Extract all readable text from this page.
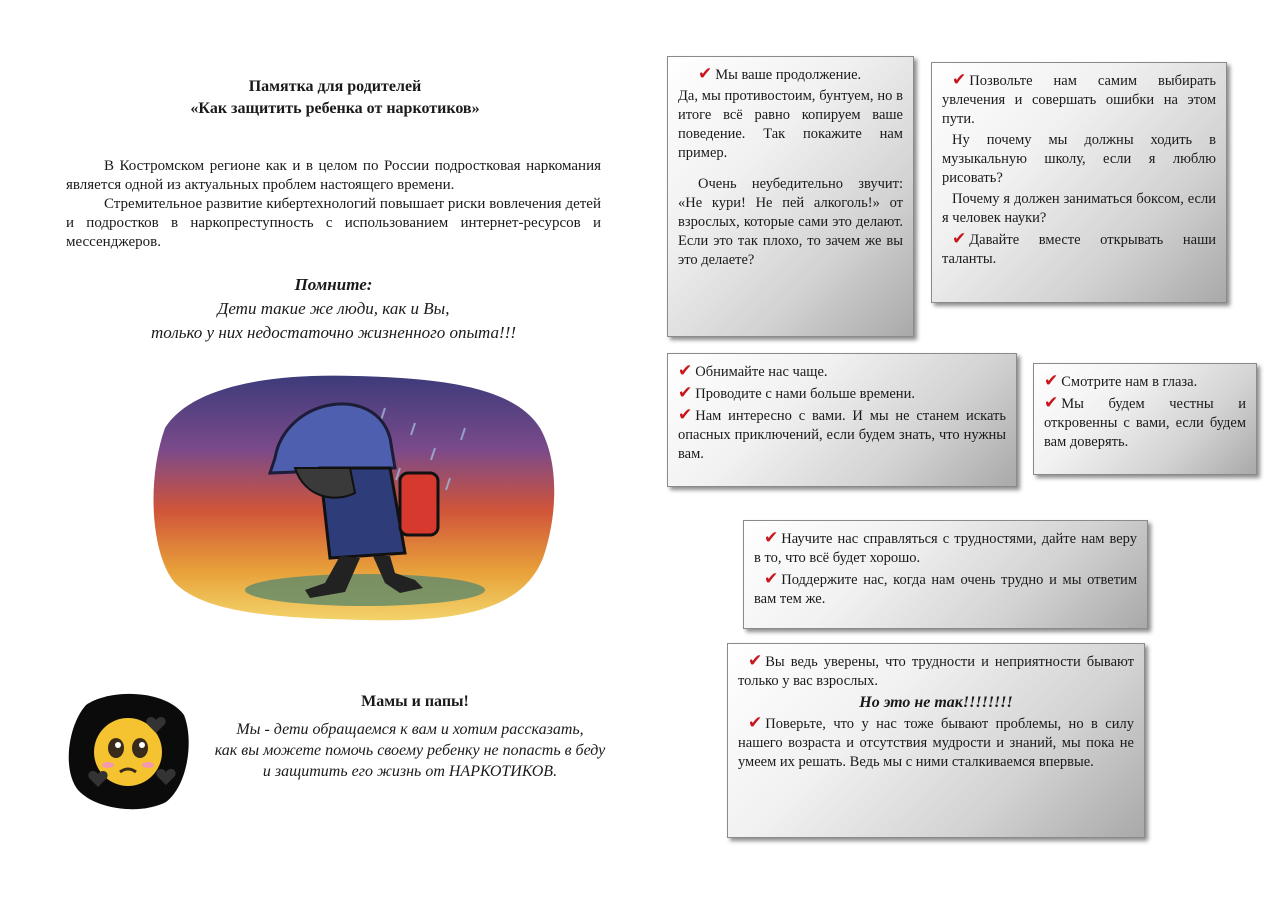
Памятка для родителей
«Как защитить ребенка от наркотиков»

В Костромском регионе как и в целом по России подростковая наркомания является одной из актуальных проблем настоящего времени.

Стремительное развитие кибертехнологий повышает риски вовлечения детей и подростков в наркопреступность с использованием интернет-ресурсов и мессенджеров.

Помните:
Дети такие же люди, как и Вы,
только у них недостаточно жизненного опыта!!!
Мамы и папы!
Мы - дети обращаемся к вам и хотим рассказать,
как вы можете помочь своему ребенку не попасть в беду
и защитить его жизнь от НАРКОТИКОВ.

✔ Мы ваше продолжение.

Да, мы противостоим, бунтуем, но в итоге всё равно копируем ваше поведение. Так покажите нам пример.

Очень неубедительно звучит: «Не кури! Не пей алкоголь!» от взрослых, которые сами это делают. Если это так плохо, то зачем же вы это делаете?

✔ Позвольте нам самим выбирать увлечения и совершать ошибки на этом пути.

Ну почему мы должны ходить в музыкальную школу, если я люблю рисовать?

Почему я должен заниматься боксом, если я человек науки?

✔ Давайте вместе открывать наши таланты.

✔ Обнимайте нас чаще.

✔ Проводите с нами больше времени.

✔ Нам интересно с вами. И мы не станем искать опасных приключений, если будем знать, что нужны вам.

✔ Смотрите нам в глаза.

✔ Мы будем честны и откровенны с вами, если будем вам доверять.

✔ Научите нас справляться с трудностями, дайте нам веру в то, что всё будет хорошо.

✔ Поддержите нас, когда нам очень трудно и мы ответим вам тем же.

✔ Вы ведь уверены, что трудности и неприятности бывают только у вас взрослых.

Но это не так!!!!!!!!

✔ Поверьте, что у нас тоже бывают проблемы, но в силу нашего возраста и отсутствия мудрости и знаний, мы пока не умеем их решать. Ведь мы с ними сталкиваемся впервые.
